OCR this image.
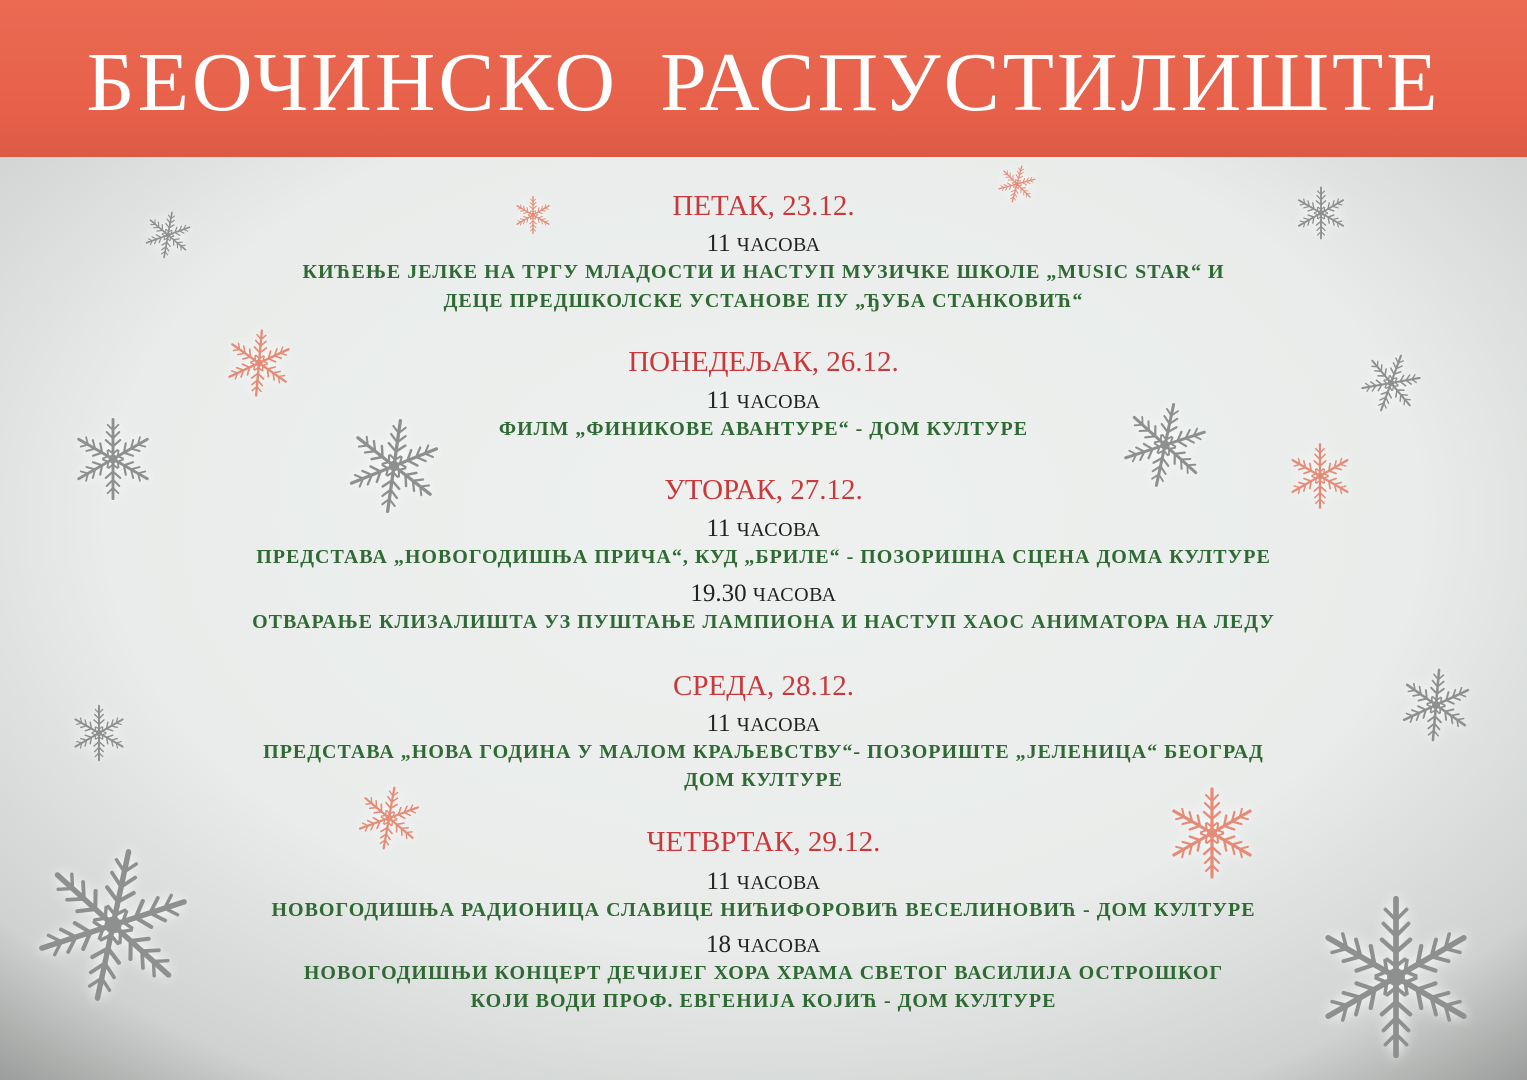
БЕОЧИНСКО РАСПУСТИЛИШТЕ
ПЕТАК, 23.12.
11 ЧАСОВА
КИЋЕЊЕ ЈЕЛКЕ НА ТРГУ МЛАДОСТИ И НАСТУП МУЗИЧКЕ ШКОЛЕ „MUSIC STAR“ И
ДЕЦЕ ПРЕДШКОЛСКЕ УСТАНОВЕ ПУ „ЂУБА СТАНКОВИЋ“
ПОНЕДЕЉАК, 26.12.
11 ЧАСОВА
ФИЛМ „ФИНИКОВЕ АВАНТУРЕ“ - ДОМ КУЛТУРЕ
УТОРАК, 27.12.
11 ЧАСОВА
ПРЕДСТАВА „НОВОГОДИШЊА ПРИЧА“, КУД „БРИЛЕ“ - ПОЗОРИШНА СЦЕНА ДОМА КУЛТУРЕ
19.30 ЧАСОВА
ОТВАРАЊЕ КЛИЗАЛИШТА УЗ ПУШТАЊЕ ЛАМПИОНА И НАСТУП ХАОС АНИМАТОРА НА ЛЕДУ
СРЕДА, 28.12.
11 ЧАСОВА
ПРЕДСТАВА „НОВА ГОДИНА У МАЛОМ КРАЉЕВСТВУ“- ПОЗОРИШТЕ „ЈЕЛЕНИЦА“ БЕОГРАД
ДОМ КУЛТУРЕ
ЧЕТВРТАК, 29.12.
11 ЧАСОВА
НОВОГОДИШЊА РАДИОНИЦА СЛАВИЦЕ НИЋИФОРОВИЋ ВЕСЕЛИНОВИЋ - ДОМ КУЛТУРЕ
18 ЧАСОВА
НОВОГОДИШЊИ КОНЦЕРТ ДЕЧИЈЕГ ХОРА ХРАМА СВЕТОГ ВАСИЛИЈА ОСТРОШКОГ
КОЈИ ВОДИ ПРОФ. ЕВГЕНИЈА КОЈИЋ - ДОМ КУЛТУРЕ
